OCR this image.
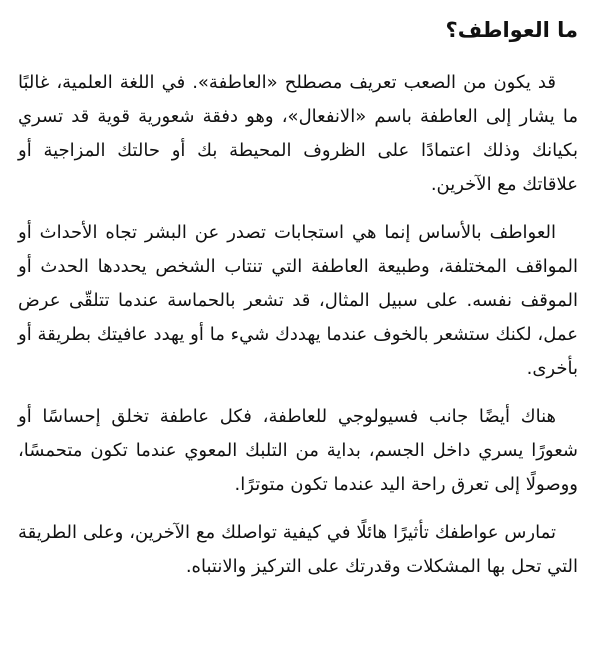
ما العواطف؟

قد يكون من الصعب تعريف مصطلح «العاطفة». في اللغة العلمية، غالبًا ما يشار إلى العاطفة باسم «الانفعال»، وهو دفقة شعورية قوية قد تسري بكيانك وذلك اعتمادًا على الظروف المحيطة بك أو حالتك المزاجية أو علاقاتك مع الآخرين.

العواطف بالأساس إنما هي استجابات تصدر عن البشر تجاه الأحداث أو المواقف المختلفة، وطبيعة العاطفة التي تنتاب الشخص يحددها الحدث أو الموقف نفسه. على سبيل المثال، قد تشعر بالحماسة عندما تتلقّى عرض عمل، لكنك ستشعر بالخوف عندما يهددك شيء ما أو يهدد عافيتك بطريقة أو بأخرى.

هناك أيضًا جانب فسيولوجي للعاطفة، فكل عاطفة تخلق إحساسًا أو شعورًا يسري داخل الجسم، بداية من التلبك المعوي عندما تكون متحمسًا، ووصولًا إلى تعرق راحة اليد عندما تكون متوترًا.

تمارس عواطفك تأثيرًا هائلًا في كيفية تواصلك مع الآخرين، وعلى الطريقة التي تحل بها المشكلات وقدرتك على التركيز والانتباه.
